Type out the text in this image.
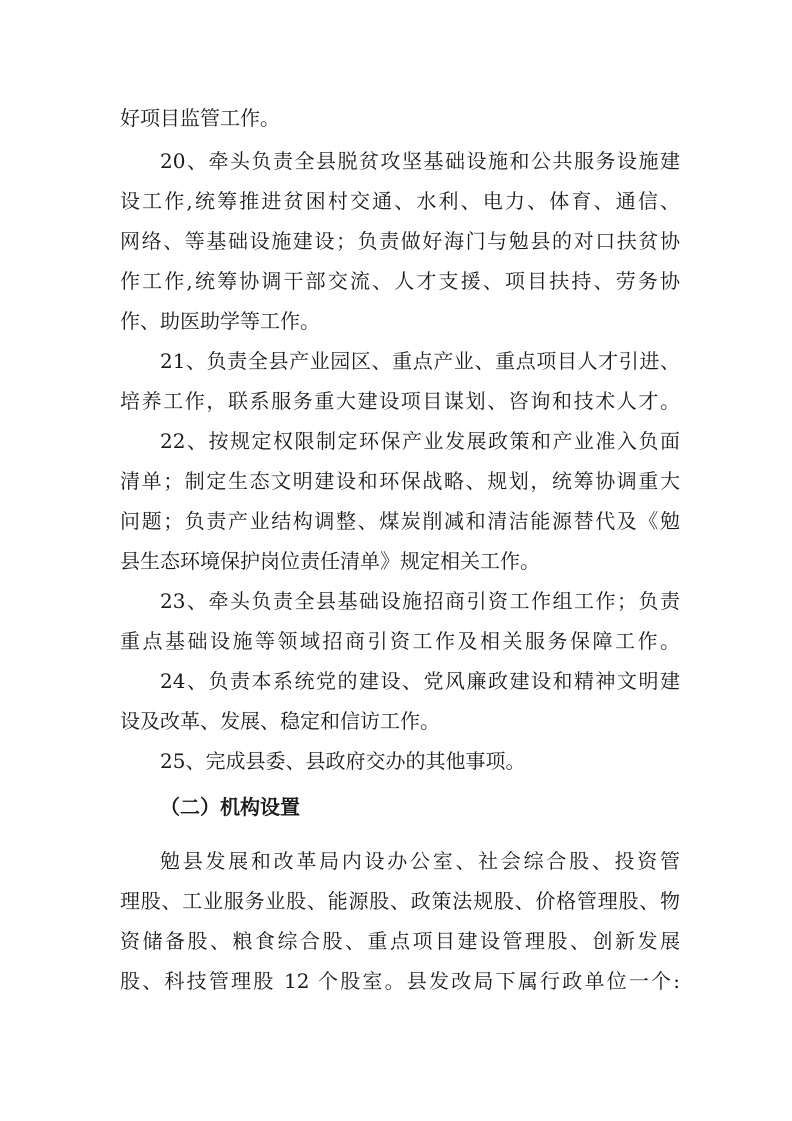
好项目监管工作。
20、牵头负责全县脱贫攻坚基础设施和公共服务设施建
设工作,统筹推进贫困村交通、水利、电力、体育、通信、
网络、等基础设施建设；负责做好海门与勉县的对口扶贫协
作工作,统筹协调干部交流、人才支援、项目扶持、劳务协
作、助医助学等工作。
21、负责全县产业园区、重点产业、重点项目人才引进、
培养工作，联系服务重大建设项目谋划、咨询和技术人才。
22、按规定权限制定环保产业发展政策和产业准入负面
清单；制定生态文明建设和环保战略、规划，统筹协调重大
问题；负责产业结构调整、煤炭削减和清洁能源替代及《勉
县生态环境保护岗位责任清单》规定相关工作。
23、牵头负责全县基础设施招商引资工作组工作；负责
重点基础设施等领域招商引资工作及相关服务保障工作。
24、负责本系统党的建设、党风廉政建设和精神文明建
设及改革、发展、稳定和信访工作。
25、完成县委、县政府交办的其他事项。
（二）机构设置
勉县发展和改革局内设办公室、社会综合股、投资管
理股、工业服务业股、能源股、政策法规股、价格管理股、物
资储备股、粮食综合股、重点项目建设管理股、创新发展
股、科技管理股 12 个股室。县发改局下属行政单位一个:
